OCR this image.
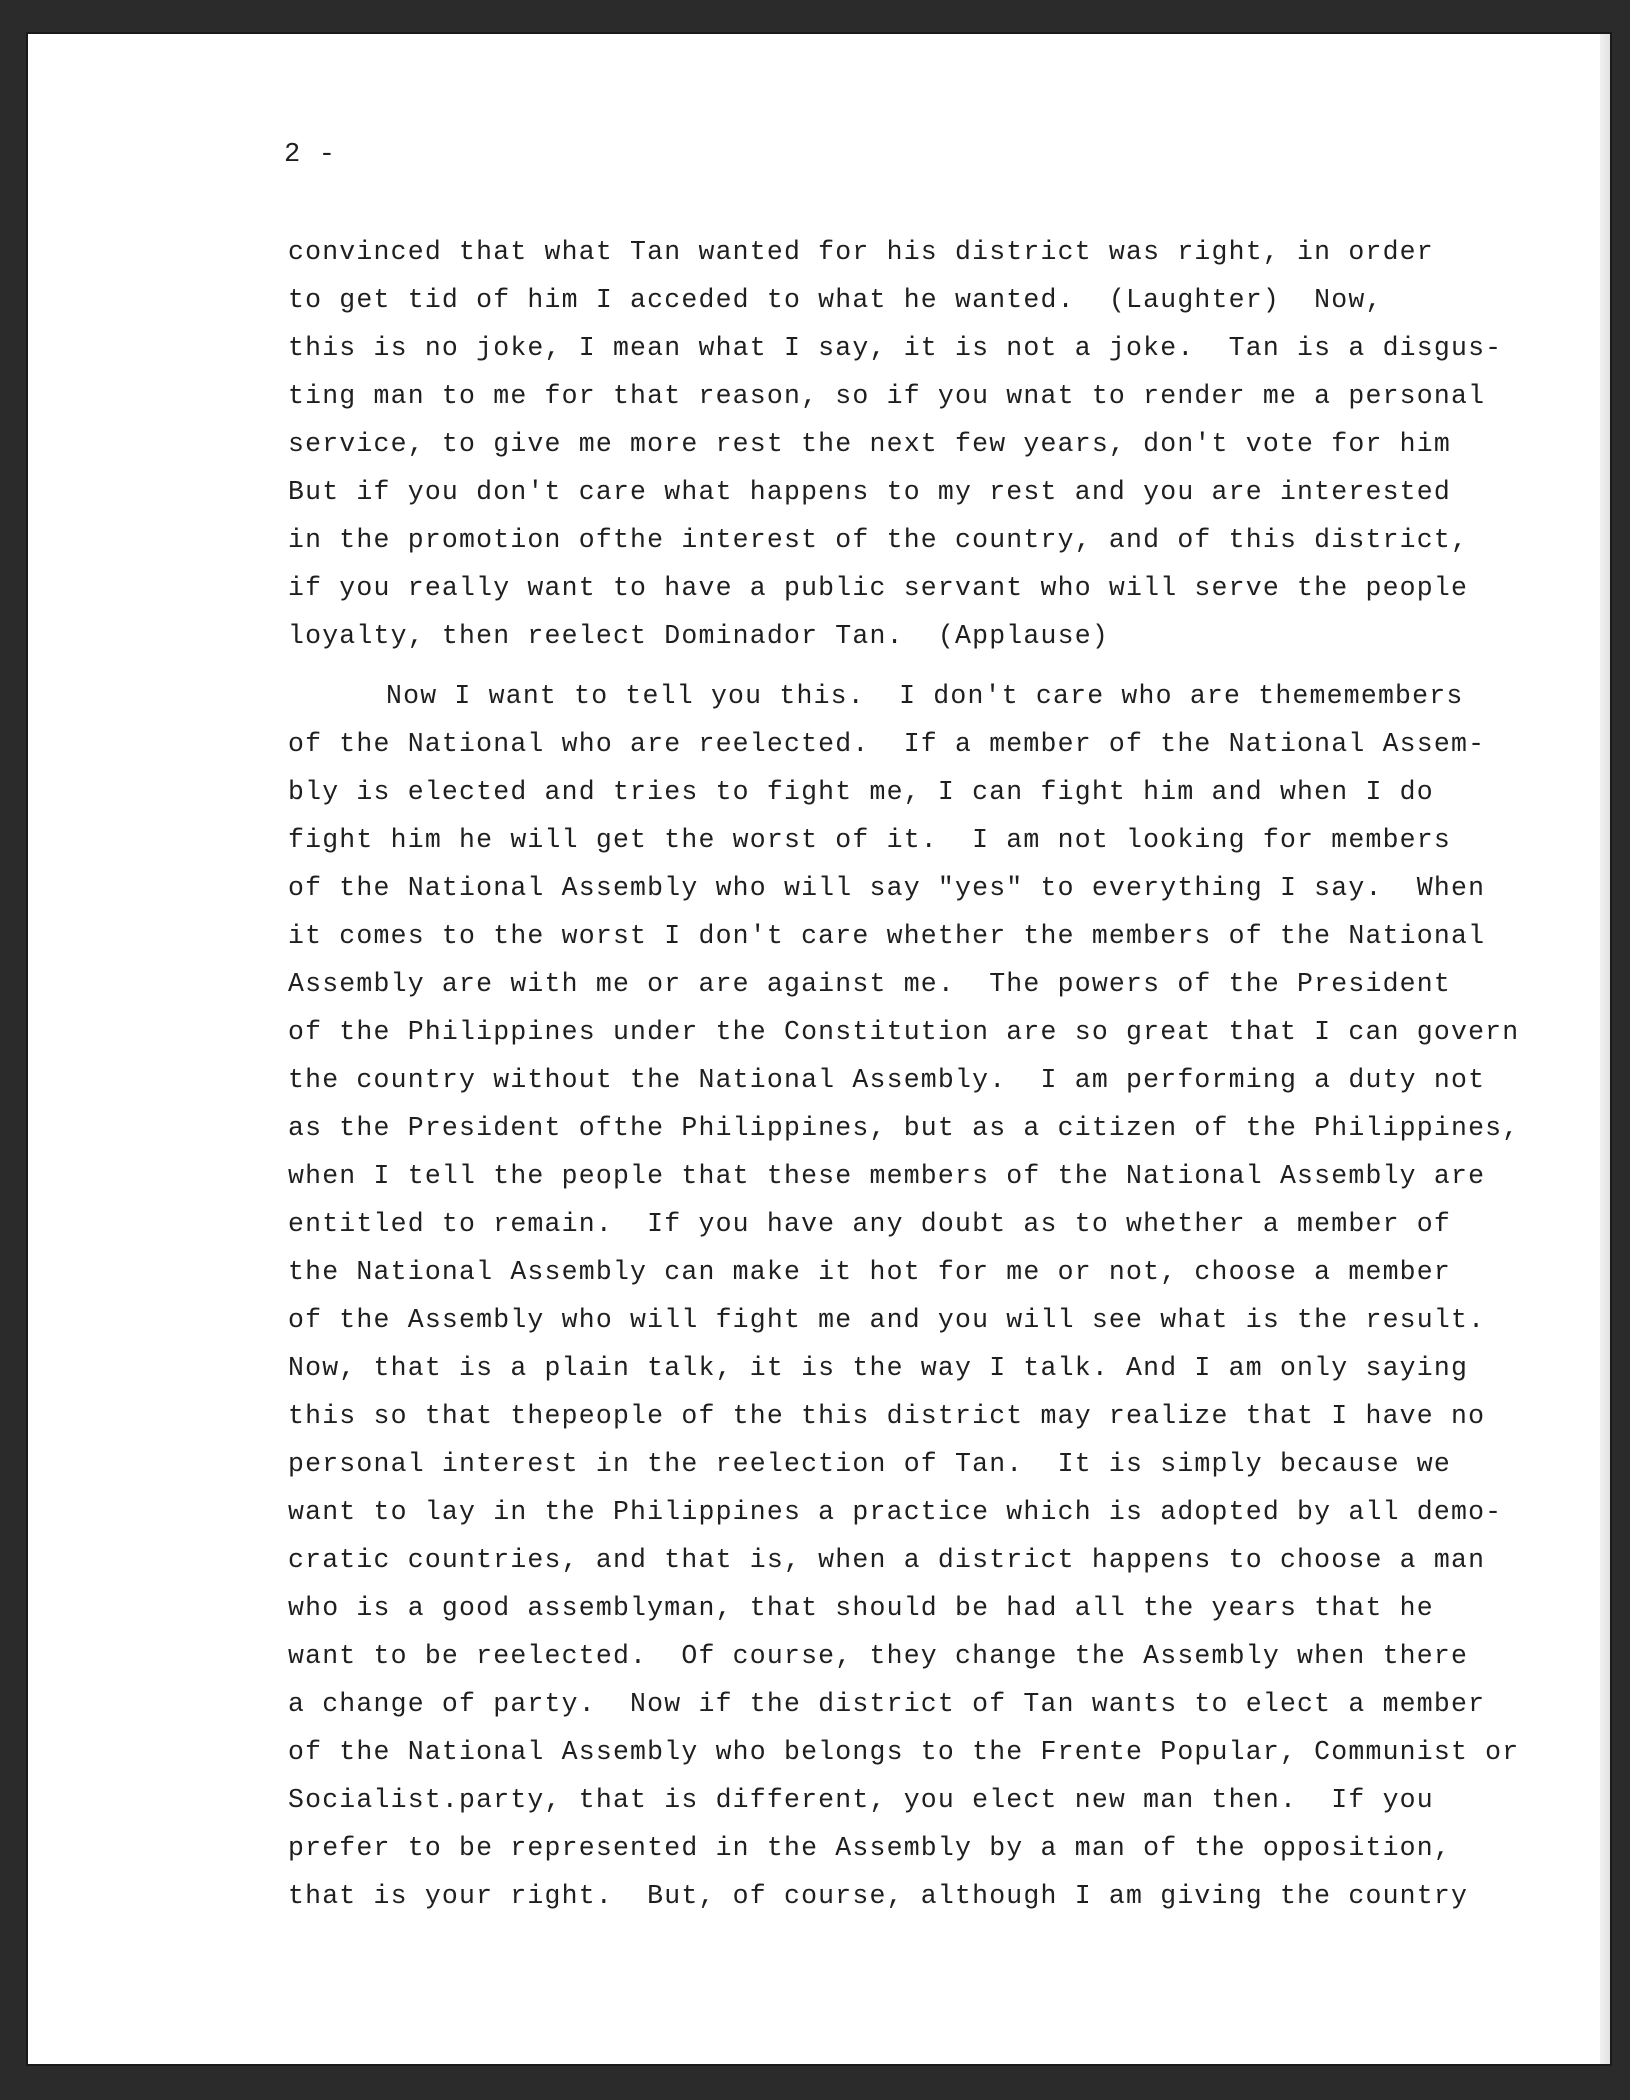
2 -

convinced that what Tan wanted for his district was right, in order
to get tid of him I acceded to what he wanted.  (Laughter)  Now,
this is no joke, I mean what I say, it is not a joke.  Tan is a disgus-
ting man to me for that reason, so if you wnat to render me a personal
service, to give me more rest the next few years, don't vote for him
But if you don't care what happens to my rest and you are interested
in the promotion ofthe interest of the country, and of this district,
if you really want to have a public servant who will serve the people
loyalty, then reelect Dominador Tan.  (Applause)
Now I want to tell you this.  I don't care who are thememembers
of the National who are reelected.  If a member of the National Assem-
bly is elected and tries to fight me, I can fight him and when I do
fight him he will get the worst of it.  I am not looking for members
of the National Assembly who will say "yes" to everything I say.  When
it comes to the worst I don't care whether the members of the National
Assembly are with me or are against me.  The powers of the President
of the Philippines under the Constitution are so great that I can govern
the country without the National Assembly.  I am performing a duty not
as the President ofthe Philippines, but as a citizen of the Philippines,
when I tell the people that these members of the National Assembly are
entitled to remain.  If you have any doubt as to whether a member of
the National Assembly can make it hot for me or not, choose a member
of the Assembly who will fight me and you will see what is the result.
Now, that is a plain talk, it is the way I talk. And I am only saying
this so that thepeople of the this district may realize that I have no
personal interest in the reelection of Tan.  It is simply because we
want to lay in the Philippines a practice which is adopted by all demo-
cratic countries, and that is, when a district happens to choose a man
who is a good assemblyman, that should be had all the years that he
want to be reelected.  Of course, they change the Assembly when there
a change of party.  Now if the district of Tan wants to elect a member
of the National Assembly who belongs to the Frente Popular, Communist or
Socialist.party, that is different, you elect new man then.  If you
prefer to be represented in the Assembly by a man of the opposition,
that is your right.  But, of course, although I am giving the country
